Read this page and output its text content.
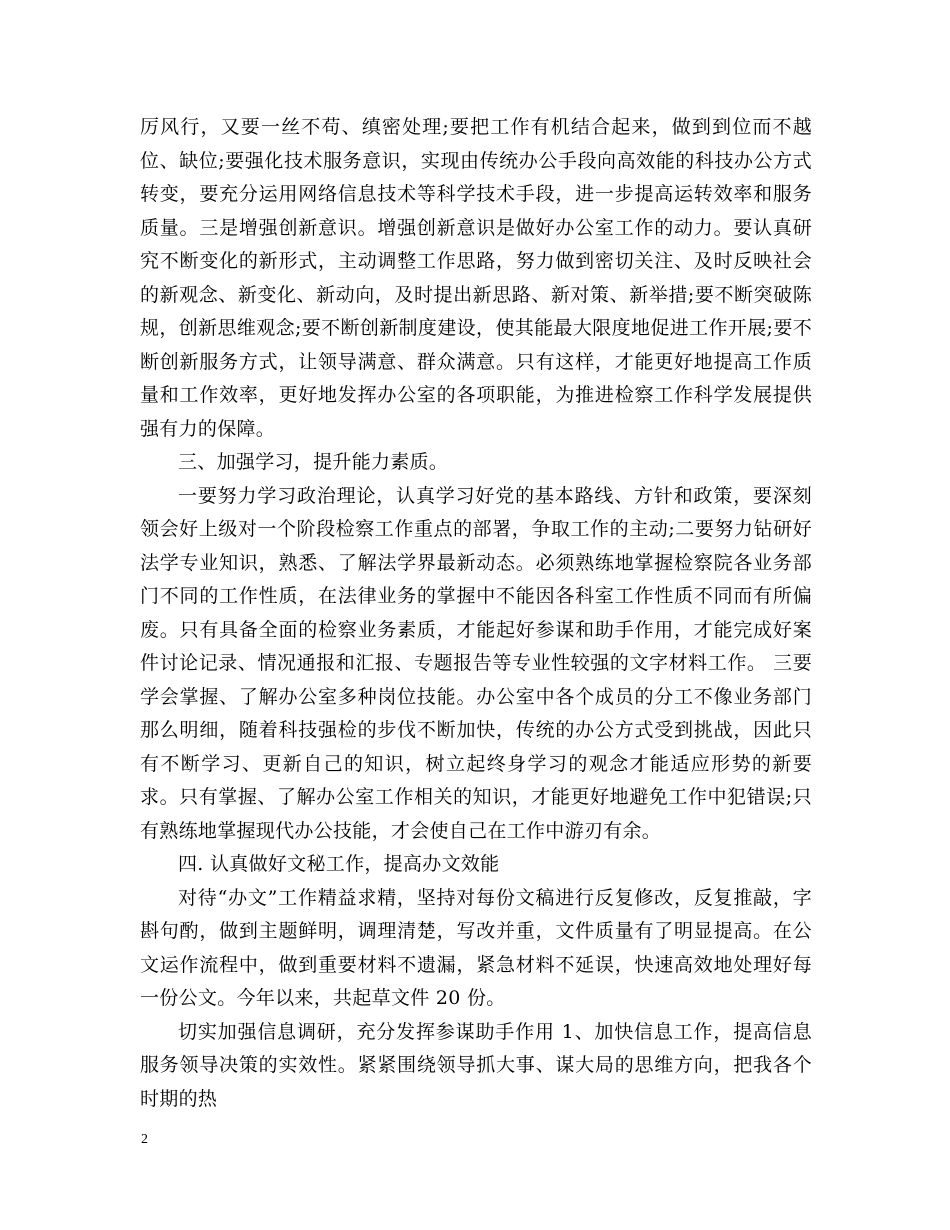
厉风行，又要一丝不苟、缜密处理;要把工作有机结合起来，做到到位而不越位、缺位;要强化技术服务意识，实现由传统办公手段向高效能的科技办公方式转变，要充分运用网络信息技术等科学技术手段，进一步提高运转效率和服务质量。三是增强创新意识。增强创新意识是做好办公室工作的动力。要认真研究不断变化的新形式，主动调整工作思路，努力做到密切关注、及时反映社会的新观念、新变化、新动向，及时提出新思路、新对策、新举措;要不断突破陈规，创新思维观念;要不断创新制度建设，使其能最大限度地促进工作开展;要不断创新服务方式，让领导满意、群众满意。只有这样，才能更好地提高工作质量和工作效率，更好地发挥办公室的各项职能，为推进检察工作科学发展提供强有力的保障。

三、加强学习，提升能力素质。

一要努力学习政治理论，认真学习好党的基本路线、方针和政策，要深刻领会好上级对一个阶段检察工作重点的部署，争取工作的主动;二要努力钻研好法学专业知识，熟悉、了解法学界最新动态。必须熟练地掌握检察院各业务部门不同的工作性质，在法律业务的掌握中不能因各科室工作性质不同而有所偏废。只有具备全面的检察业务素质，才能起好参谋和助手作用，才能完成好案件讨论记录、情况通报和汇报、专题报告等专业性较强的文字材料工作。 三要学会掌握、了解办公室多种岗位技能。办公室中各个成员的分工不像业务部门那么明细，随着科技强检的步伐不断加快，传统的办公方式受到挑战，因此只有不断学习、更新自己的知识，树立起终身学习的观念才能适应形势的新要求。只有掌握、了解办公室工作相关的知识，才能更好地避免工作中犯错误;只有熟练地掌握现代办公技能，才会使自己在工作中游刃有余。

四. 认真做好文秘工作，提高办文效能

对待“办文”工作精益求精，坚持对每份文稿进行反复修改，反复推敲，字斟句酌，做到主题鲜明，调理清楚，写改并重，文件质量有了明显提高。在公文运作流程中，做到重要材料不遗漏，紧急材料不延误，快速高效地处理好每一份公文。今年以来，共起草文件 20 份。

切实加强信息调研，充分发挥参谋助手作用 1、加快信息工作，提高信息服务领导决策的实效性。紧紧围绕领导抓大事、谋大局的思维方向，把我各个时期的热

2
